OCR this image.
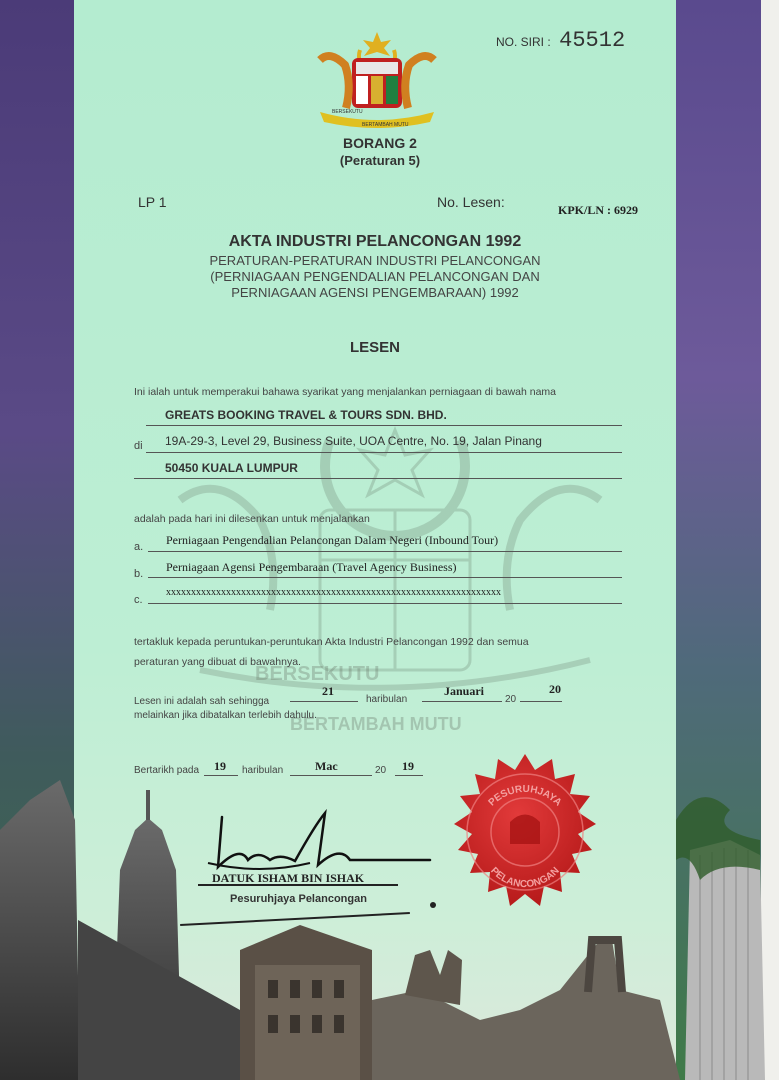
BERSEKUTU
BERTAMBAH MUTU
BERSEKUTU
BERTAMBAH MUTU
NO. SIRI : 45512
BORANG 2
(Peraturan 5)
LP 1	No. Lesen:	KPK/LN : 6929
AKTA INDUSTRI PELANCONGAN 1992
PERATURAN-PERATURAN INDUSTRI PELANCONGAN
(PERNIAGAAN PENGENDALIAN PELANCONGAN DAN
PERNIAGAAN AGENSI PENGEMBARAAN) 1992
LESEN
Ini ialah untuk memperakui bahawa syarikat yang menjalankan perniagaan di bawah nama
GREATS BOOKING TRAVEL & TOURS SDN. BHD.
di 19A-29-3, Level 29, Business Suite, UOA Centre, No. 19, Jalan Pinang
50450 KUALA LUMPUR
adalah pada hari ini dilesenkan untuk menjalankan
a. Perniagaan Pengendalian Pelancongan Dalam Negeri (Inbound Tour)
b. Perniagaan Agensi Pengembaraan (Travel Agency Business)
c.
xxxxxxxxxxxxxxxxxxxxxxxxxxxxxxxxxxxxxxxxxxxxxxxxxxxxxxxxxxxxxxxxxxx
tertakluk kepada peruntukan-peruntukan Akta Industri Pelancongan 1992 dan semua
peraturan yang dibuat di bawahnya.
Lesen ini adalah sah sehingga
21
haribulan
Januari
20
20
melainkan jika dibatalkan terlebih dahulu.
Bertarikh pada 19 haribulan	Mac	20 19
DATUK ISHAM BIN ISHAK
Pesuruhjaya Pelancongan
PESURUHJAYA
PELANCONGAN
